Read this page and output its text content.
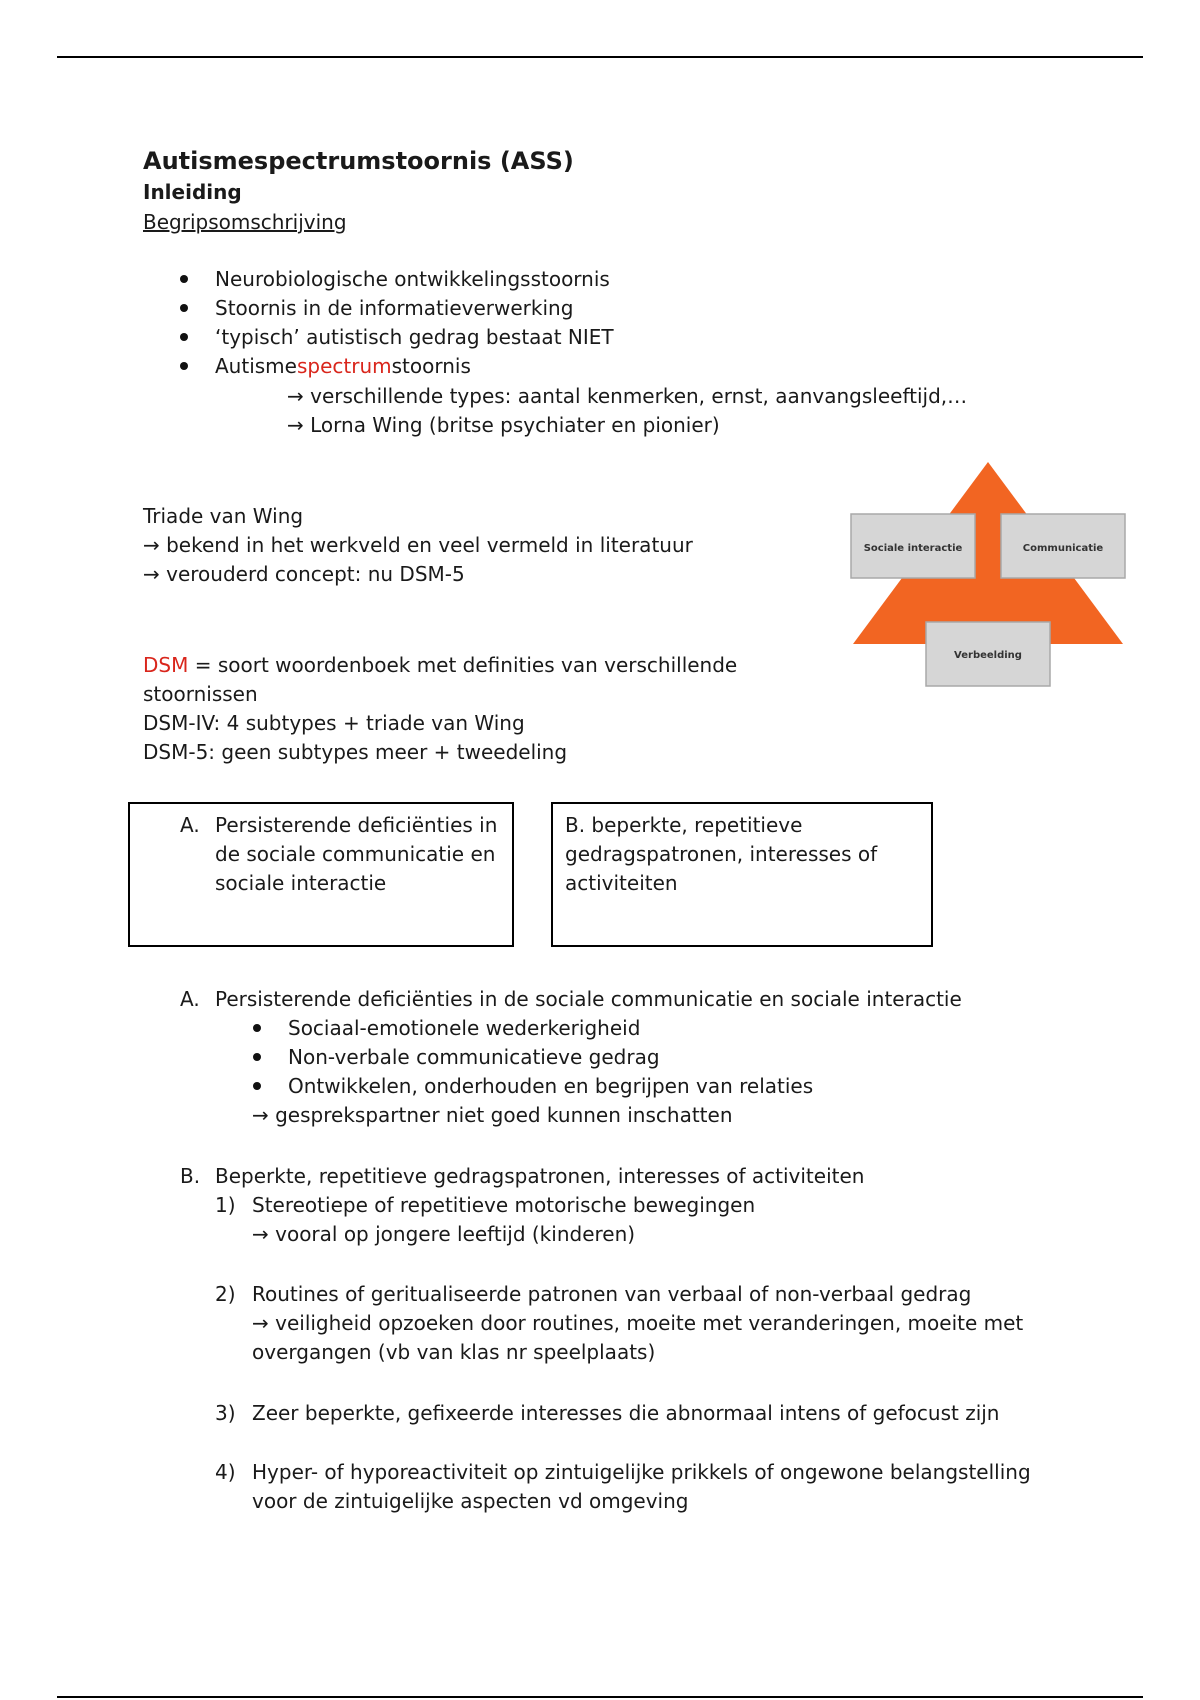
Autismespectrumstoornis (ASS)
Inleiding
Begripsomschrijving
Neurobiologische ontwikkelingsstoornis
Stoornis in de informatieverwerking
‘typisch’ autistisch gedrag bestaat NIET
Autismespectrumstoornis
→ verschillende types: aantal kenmerken, ernst, aanvangsleeftijd,…
→ Lorna Wing (britse psychiater en pionier)
Triade van Wing
→ bekend in het werkveld en veel vermeld in literatuur
→ verouderd concept: nu DSM-5
Sociale interactie	Communicatie
Verbeelding
DSM = soort woordenboek met definities van verschillende
stoornissen
DSM-IV: 4 subtypes + triade van Wing
DSM-5: geen subtypes meer + tweedeling
A. Persisterende deficiënties in
de sociale communicatie en
sociale interactie
B. beperkte, repetitieve
gedragspatronen, interesses of
activiteiten
A. Persisterende deficiënties in de sociale communicatie en sociale interactie
Sociaal-emotionele wederkerigheid
Non-verbale communicatieve gedrag
Ontwikkelen, onderhouden en begrijpen van relaties
→ gesprekspartner niet goed kunnen inschatten
B. Beperkte, repetitieve gedragspatronen, interesses of activiteiten
1) Stereotiepe of repetitieve motorische bewegingen
→ vooral op jongere leeftijd (kinderen)
2) Routines of geritualiseerde patronen van verbaal of non-verbaal gedrag
→ veiligheid opzoeken door routines, moeite met veranderingen, moeite met
overgangen (vb van klas nr speelplaats)
3) Zeer beperkte, gefixeerde interesses die abnormaal intens of gefocust zijn
4) Hyper- of hyporeactiviteit op zintuigelijke prikkels of ongewone belangstelling
voor de zintuigelijke aspecten vd omgeving
